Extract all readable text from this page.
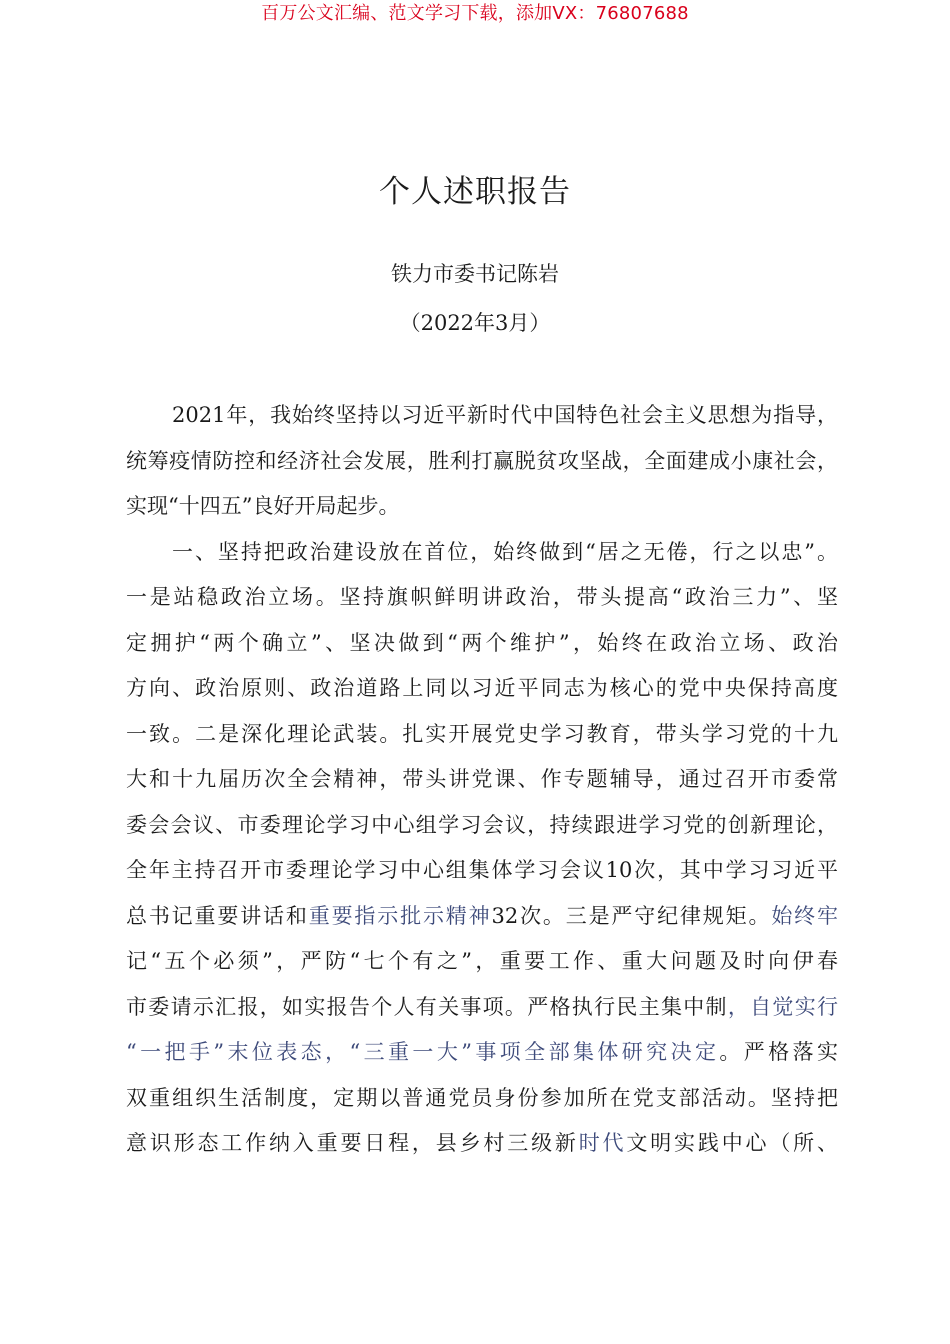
百万公文汇编、范文学习下载，添加VX：76807688
个人述职报告
铁力市委书记陈岩
（2022年3月）
2021年，我始终坚持以习近平新时代中国特色社会主义思想为指导，
统筹疫情防控和经济社会发展，胜利打赢脱贫攻坚战，全面建成小康社会，
实现“十四五”良好开局起步。
一、坚持把政治建设放在首位，始终做到“居之无倦，行之以忠”。
一是站稳政治立场。坚持旗帜鲜明讲政治，带头提高“政治三力”、坚
定拥护“两个确立”、坚决做到“两个维护”，始终在政治立场、政治
方向、政治原则、政治道路上同以习近平同志为核心的党中央保持高度
一致。二是深化理论武装。扎实开展党史学习教育，带头学习党的十九
大和十九届历次全会精神，带头讲党课、作专题辅导，通过召开市委常
委会会议、市委理论学习中心组学习会议，持续跟进学习党的创新理论，
全年主持召开市委理论学习中心组集体学习会议10次，其中学习习近平
总书记重要讲话和重要指示批示精神32次。三是严守纪律规矩。始终牢
记“五个必须”，严防“七个有之”，重要工作、重大问题及时向伊春
市委请示汇报，如实报告个人有关事项。严格执行民主集中制，自觉实行
“一把手”末位表态，“三重一大”事项全部集体研究决定。严格落实
双重组织生活制度，定期以普通党员身份参加所在党支部活动。坚持把
意识形态工作纳入重要日程，县乡村三级新时代文明实践中心（所、
